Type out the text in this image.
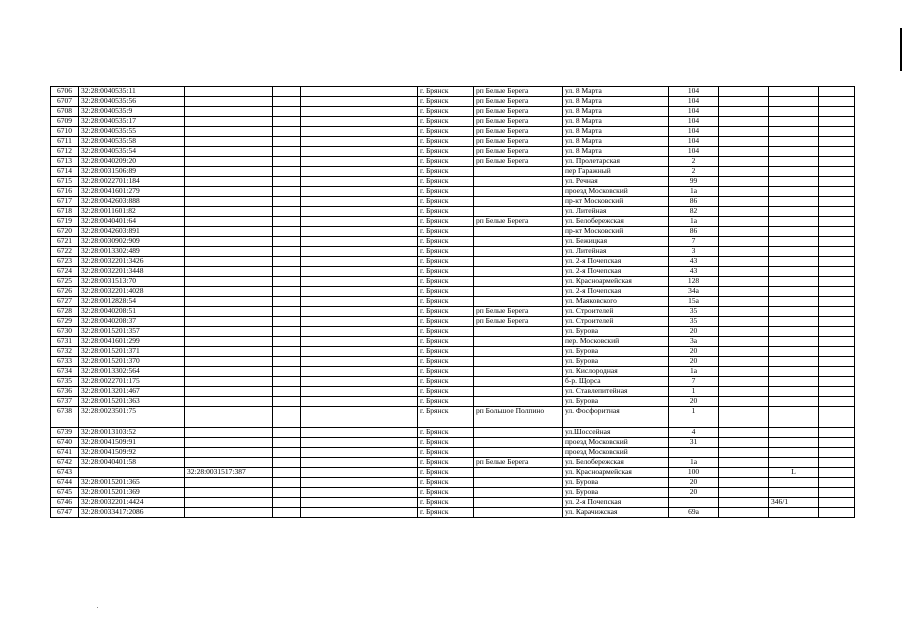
6706	32:28:0040535:11				г. Брянск	рп Белые Берега	ул. 8 Марта	104			
6707	32:28:0040535:56				г. Брянск	рп Белые Берега	ул. 8 Марта	104			
6708	32:28:0040535:9				г. Брянск	рп Белые Берега	ул. 8 Марта	104			
6709	32:28:0040535:17				г. Брянск	рп Белые Берега	ул. 8 Марта	104			
6710	32:28:0040535:55				г. Брянск	рп Белые Берега	ул. 8 Марта	104			
6711	32:28:0040535:58				г. Брянск	рп Белые Берега	ул. 8 Марта	104			
6712	32:28:0040535:54				г. Брянск	рп Белые Берега	ул. 8 Марта	104			
6713	32:28:0040209:20				г. Брянск	рп Белые Берега	ул. Пролетарская	2			
6714	32:28:0031506:89				г. Брянск		пер Гаражный	2			
6715	32:28:0022701:184				г. Брянск		ул. Речная	99			
6716	32:28:0041601:279				г. Брянск		проезд Московский	1а			
6717	32:28:0042603:888				г. Брянск		пр-кт Московский	86			
6718	32:28:0011601:82				г. Брянск		ул. Литейная	82			
6719	32:28:0040401:64				г. Брянск	рп Белые Берега	ул. Белобережская	1а			
6720	32:28:0042603:891				г. Брянск		пр-кт Московский	86			
6721	32:28:0030902:909				г. Брянск		ул. Бежицкая	7			
6722	32:28:0013302:489				г. Брянск		ул. Литейная	3			
6723	32:28:0032201:3426				г. Брянск		ул. 2-я Почепская	43			
6724	32:28:0032201:3448				г. Брянск		ул. 2-я Почепская	43			
6725	32:28:0031513:70				г. Брянск		ул. Красноармейская	128			
6726	32:28:0032201:4028				г. Брянск		ул. 2-я Почепская	34а			
6727	32:28:0012828:54				г. Брянск		ул. Маяковского	15а			
6728	32:28:0040208:51				г. Брянск	рп Белые Берега	ул. Строителей	35			
6729	32:28:0040208:37				г. Брянск	рп Белые Берега	ул. Строителей	35			
6730	32:28:0015201:357				г. Брянск		ул. Бурова	20			
6731	32:28:0041601:299				г. Брянск		пер. Московский	3а			
6732	32:28:0015201:371				г. Брянск		ул. Бурова	20			
6733	32:28:0015201:370				г. Брянск		ул. Бурова	20			
6734	32:28:0013302:564				г. Брянск		ул. Кислородная	1а			
6735	32:28:0022701:175				г. Брянск		б-р. Щорса	7			
6736	32:28:0013201:467				г. Брянск		ул. Ставлепитейная	1			
6737	32:28:0015201:363				г. Брянск		ул. Бурова	20			
6738	32:28:0023501:75				г. Брянск	рп Большое Полпино	ул. Фосфоритная	1			
6739	32:28:0013103:52				г. Брянск		ул.Шоссейная	4			
6740	32:28:0041509:91				г. Брянск		проезд Московский	31			
6741	32:28:0041509:92				г. Брянск		проезд Московский				
6742	32:28:0040401:58				г. Брянск	рп Белые Берега	ул. Белобережская	1а			
6743		32:28:0031517:387			г. Брянск		ул. Красноармейская	100		L	
6744	32:28:0015201:365				г. Брянск		ул. Бурова	20			
6745	32:28:0015201:369				г. Брянск		ул. Бурова	20			
6746	32:28:0032201:4424				г. Брянск		ул. 2-я Почепская			346/1	
6747	32:28:0033417:2086				г. Брянск		ул. Карачижская	69а			
